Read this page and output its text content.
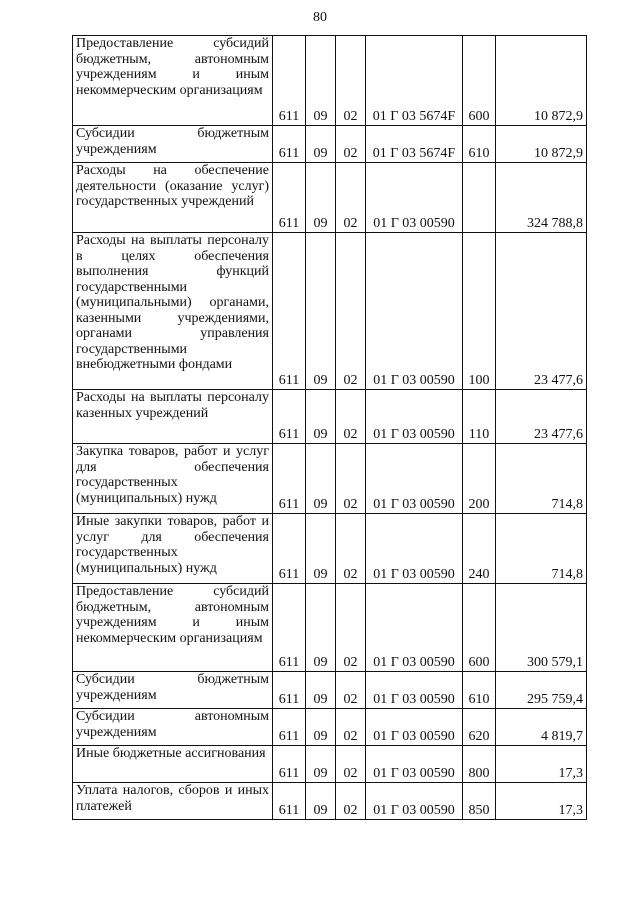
80
Предоставление субсидий бюджетным, автономным учреждениям и иным некоммерческим организациям	611	09	02	01 Г 03 5674F	600	10 872,9
Субсидии бюджетным учреждениям	611	09	02	01 Г 03 5674F	610	10 872,9
Расходы на обеспечение деятельности (оказание услуг) государственных учреждений	611	09	02	01 Г 03 00590		324 788,8
Расходы на выплаты персоналу в целях обеспечения выполнения функций государственными (муниципальными) органами, казенными учреждениями, органами управления государственными внебюджетными фондами	611	09	02	01 Г 03 00590	100	23 477,6
Расходы на выплаты персоналу казенных учреждений	611	09	02	01 Г 03 00590	110	23 477,6
Закупка товаров, работ и услуг для обеспечения государственных (муниципальных) нужд	611	09	02	01 Г 03 00590	200	714,8
Иные закупки товаров, работ и услуг для обеспечения государственных (муниципальных) нужд	611	09	02	01 Г 03 00590	240	714,8
Предоставление субсидий бюджетным, автономным учреждениям и иным некоммерческим организациям	611	09	02	01 Г 03 00590	600	300 579,1
Субсидии бюджетным учреждениям	611	09	02	01 Г 03 00590	610	295 759,4
Субсидии автономным учреждениям	611	09	02	01 Г 03 00590	620	4 819,7
Иные бюджетные ассигнования	611	09	02	01 Г 03 00590	800	17,3
Уплата налогов, сборов и иных платежей	611	09	02	01 Г 03 00590	850	17,3
